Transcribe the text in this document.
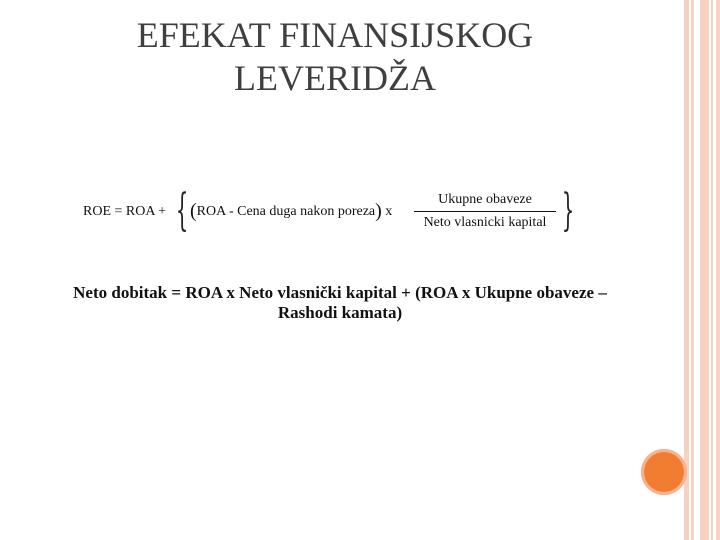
EFEKAT FINANSIJSKOG
LEVERIDŽA
ROE = ROA + { (ROA - Cena duga nakon poreza) x
Ukupne obaveze
Neto vlasnicki kapital }
Neto dobitak = ROA x Neto vlasnički kapital + (ROA x Ukupne obaveze –
Rashodi kamata)
